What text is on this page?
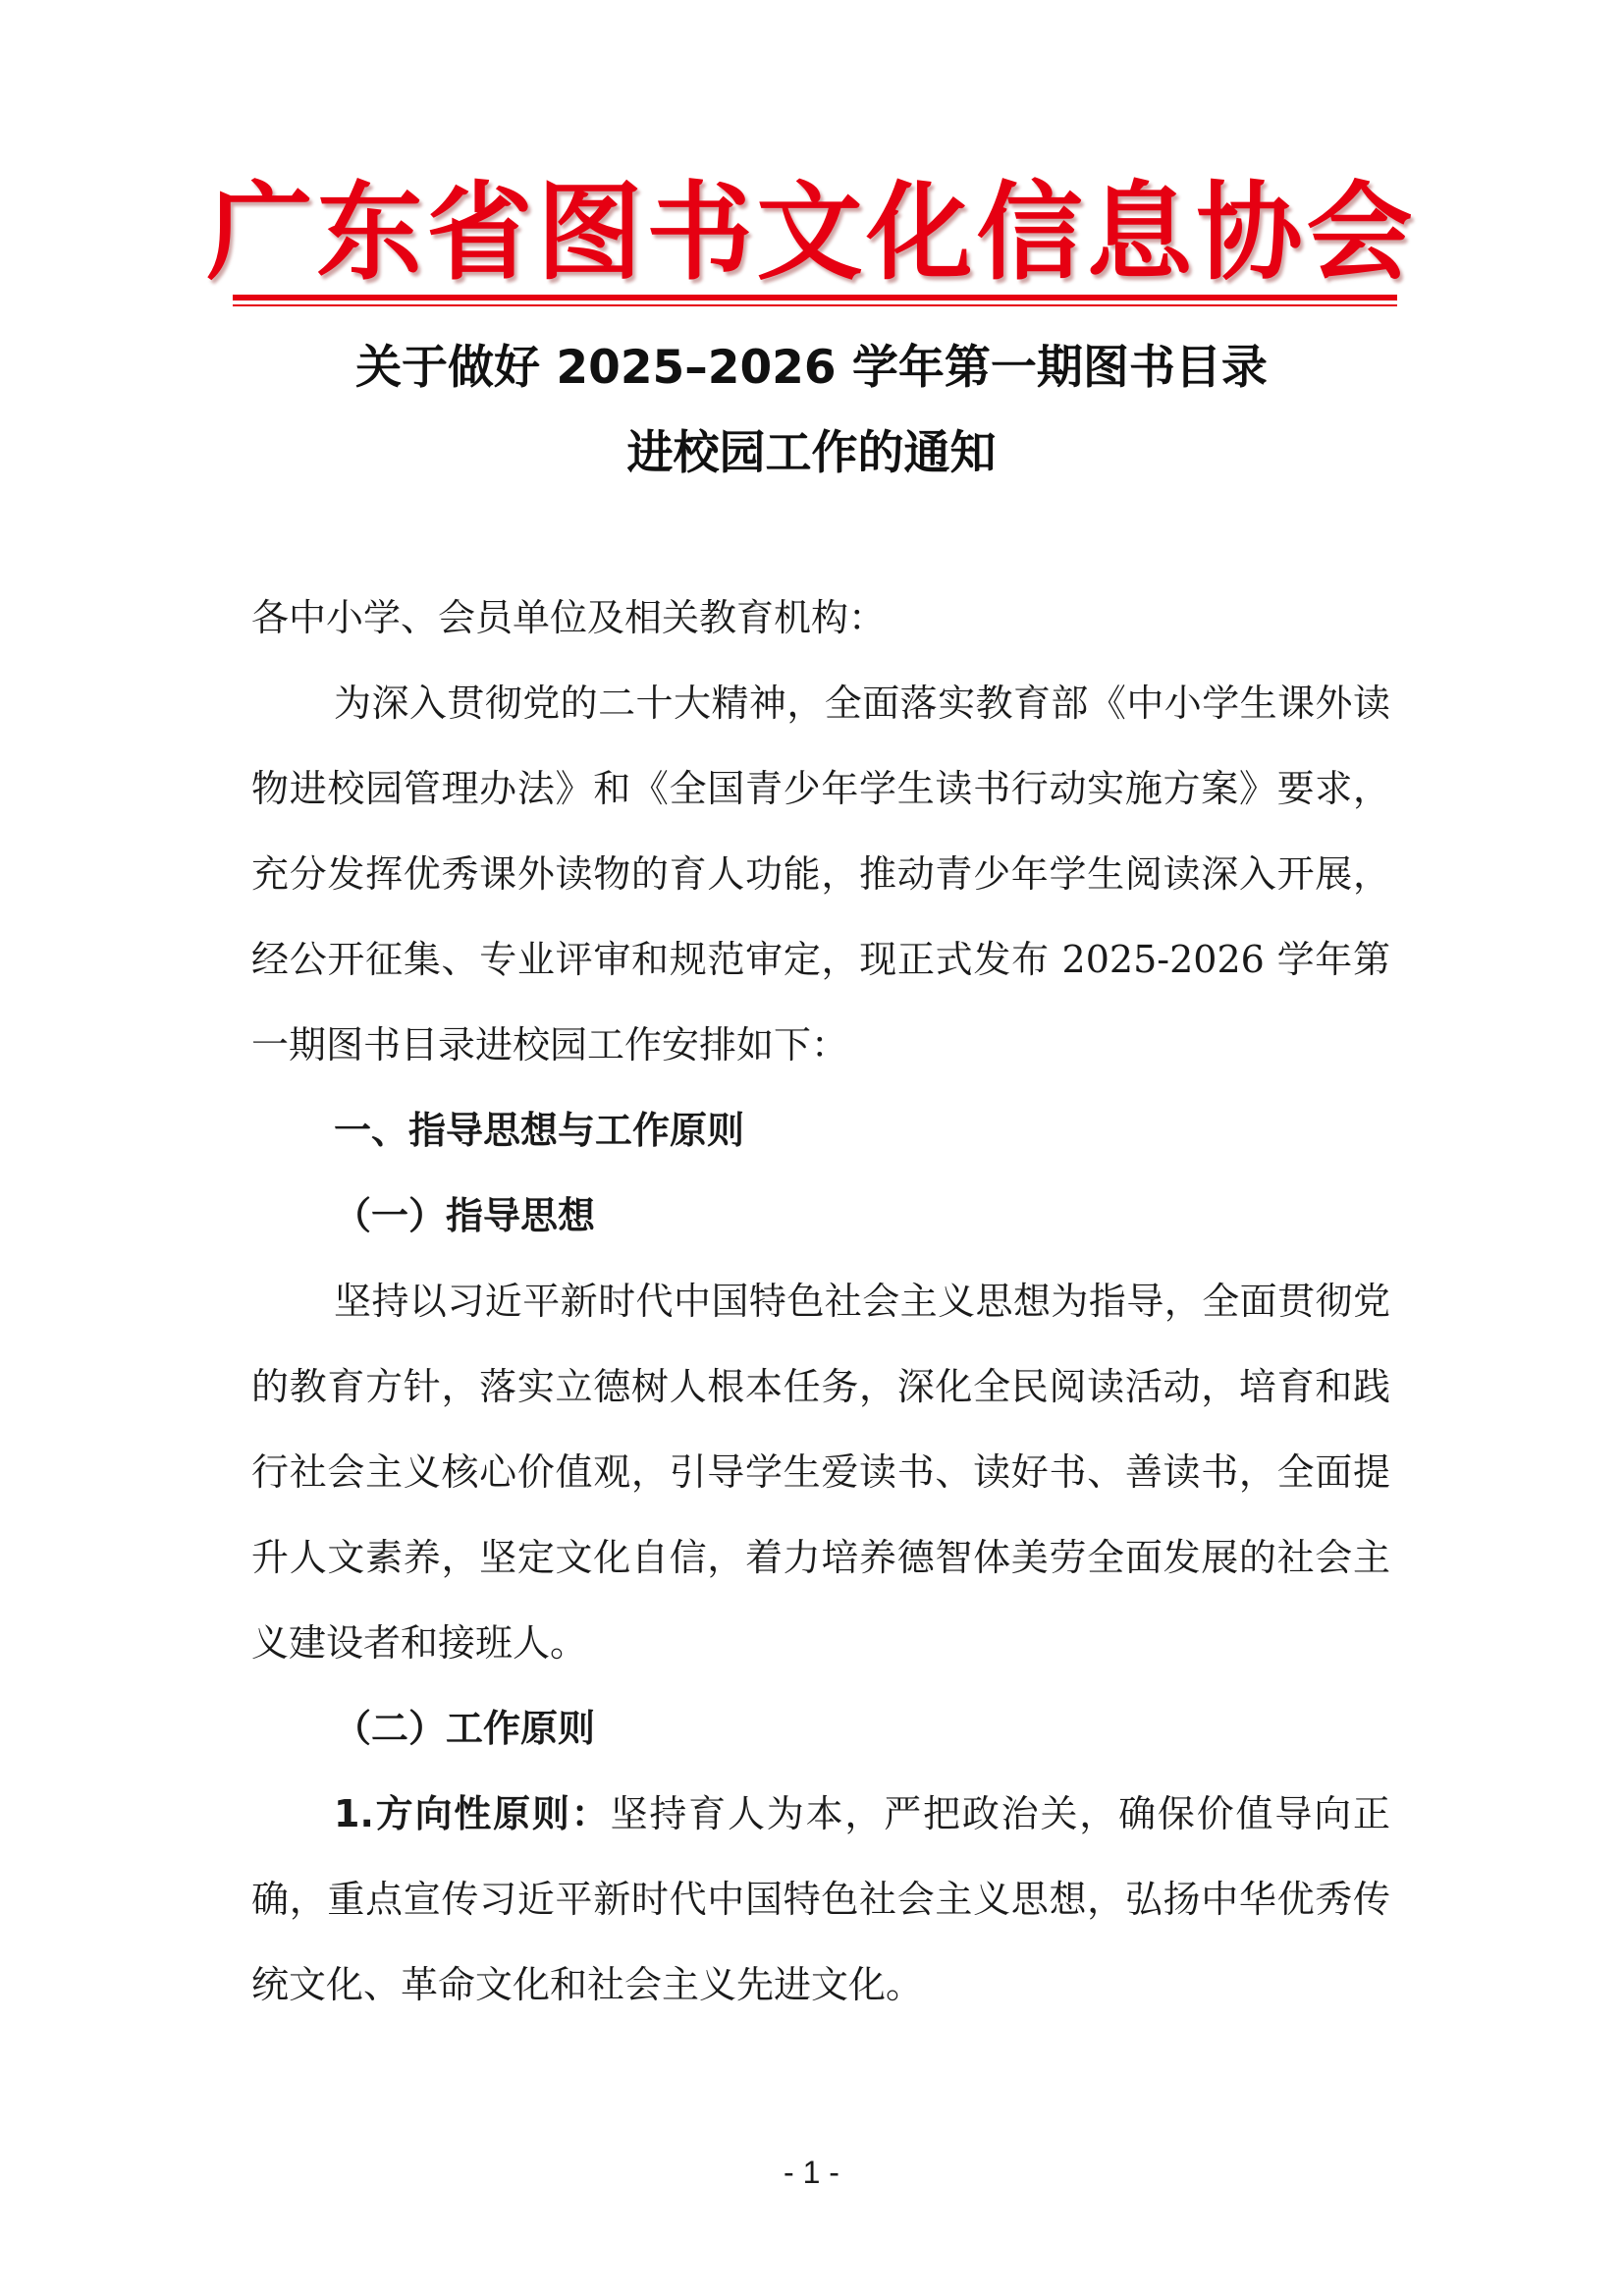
广东省图书文化信息协会
关于做好 2025–2026 学年第一期图书目录
进校园工作的通知

各中小学、会员单位及相关教育机构：

为深入贯彻党的二十大精神，全面落实教育部《中小学生课外读物进校园管理办法》和《全国青少年学生读书行动实施方案》要求，充分发挥优秀课外读物的育人功能，推动青少年学生阅读深入开展，经公开征集、专业评审和规范审定，现正式发布 2025-2026 学年第一期图书目录进校园工作安排如下：

一、指导思想与工作原则

（一）指导思想

坚持以习近平新时代中国特色社会主义思想为指导，全面贯彻党的教育方针，落实立德树人根本任务，深化全民阅读活动，培育和践行社会主义核心价值观，引导学生爱读书、读好书、善读书，全面提升人文素养，坚定文化自信，着力培养德智体美劳全面发展的社会主义建设者和接班人。

（二）工作原则

1.方向性原则：坚持育人为本，严把政治关，确保价值导向正确，重点宣传习近平新时代中国特色社会主义思想，弘扬中华优秀传统文化、革命文化和社会主义先进文化。

- 1 -
